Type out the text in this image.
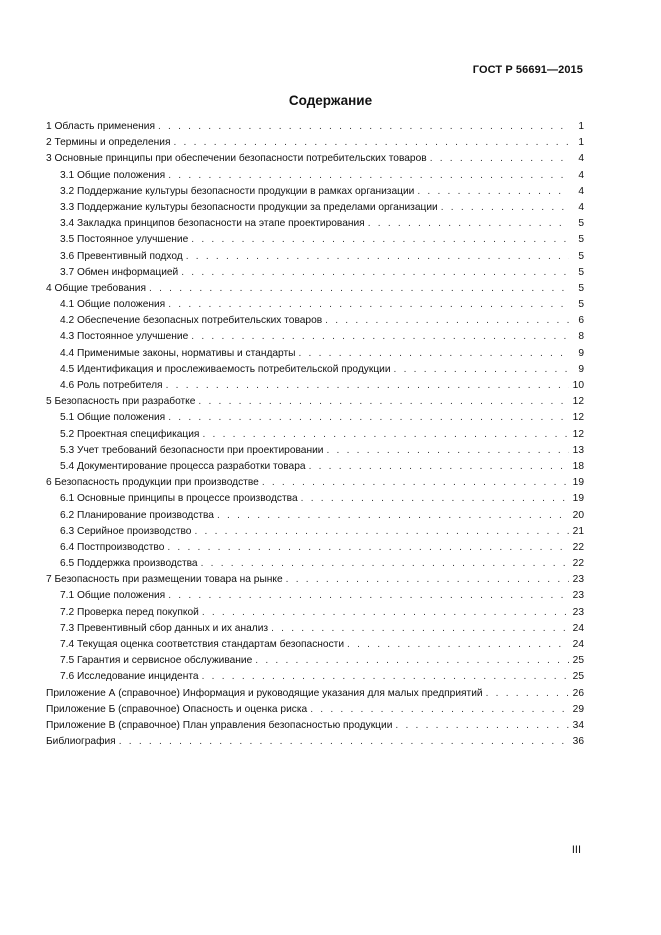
ГОСТ Р 56691—2015
Содержание
1 Область применения . . .	1
2 Термины и определения . . .	1
3 Основные принципы при обеспечении безопасности потребительских товаров . . .	4
3.1 Общие положения . . .	4
3.2 Поддержание культуры безопасности продукции в рамках организации . . .	4
3.3 Поддержание культуры безопасности продукции за пределами организации . . .	4
3.4 Закладка принципов безопасности на этапе проектирования . . .	5
3.5 Постоянное улучшение . . .	5
3.6 Превентивный подход . . .	5
3.7 Обмен информацией . . .	5
4 Общие требования . . .	5
4.1 Общие положения . . .	5
4.2 Обеспечение безопасных потребительских товаров . . .	6
4.3 Постоянное улучшение . . .	8
4.4 Применимые законы, нормативы и стандарты . . .	9
4.5 Идентификация и прослеживаемость потребительской продукции . . .	9
4.6 Роль потребителя . . .	10
5 Безопасность при разработке . . .	12
5.1 Общие положения . . .	12
5.2 Проектная спецификация . . .	12
5.3 Учет требований безопасности при проектировании . . .	13
5.4 Документирование процесса разработки товара . . .	18
6 Безопасность продукции при производстве . . .	19
6.1 Основные принципы в процессе производства . . .	19
6.2 Планирование производства . . .	20
6.3 Серийное производство . . .	21
6.4 Постпроизводство . . .	22
6.5 Поддержка производства . . .	22
7 Безопасность при размещении товара на рынке . . .	23
7.1 Общие положения . . .	23
7.2 Проверка перед покупкой . . .	23
7.3 Превентивный сбор данных и их анализ . . .	24
7.4 Текущая оценка соответствия стандартам безопасности . . .	24
7.5 Гарантия и сервисное обслуживание . . .	25
7.6 Исследование инцидента . . .	25
Приложение А (справочное) Информация и руководящие указания для малых предприятий . . .	26
Приложение Б (справочное) Опасность и оценка риска . . .	29
Приложение В (справочное) План управления безопасностью продукции . . .	34
Библиография . . .	36
III
